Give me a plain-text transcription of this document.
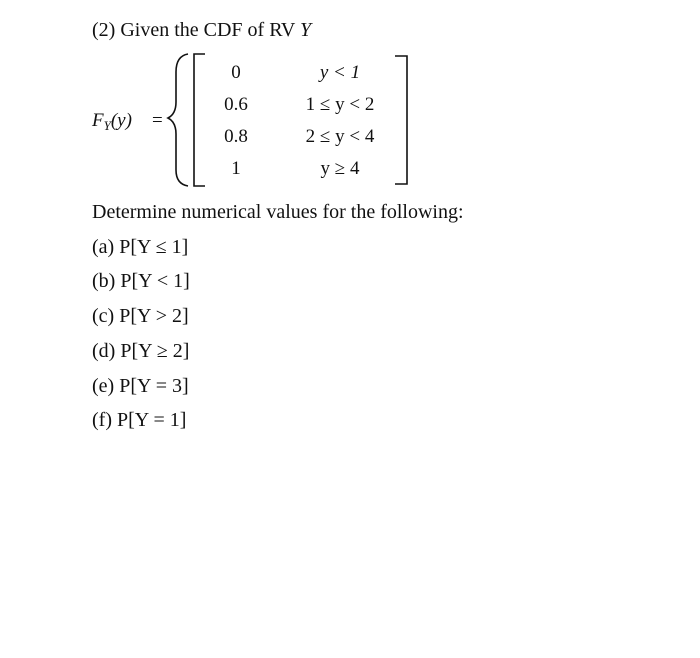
(2) Given the CDF of RV Y
$F_Y(y)$ =
0	y < 1
0.6	1 ≤ y < 2
0.8	2 ≤ y < 4
1	y ≥ 4
Determine numerical values for the following:
(a) P[Y ≤ 1]
(b) P[Y < 1]
(c) P[Y > 2]
(d) P[Y ≥ 2]
(e) P[Y = 3]
(f) P[Y = 1]
